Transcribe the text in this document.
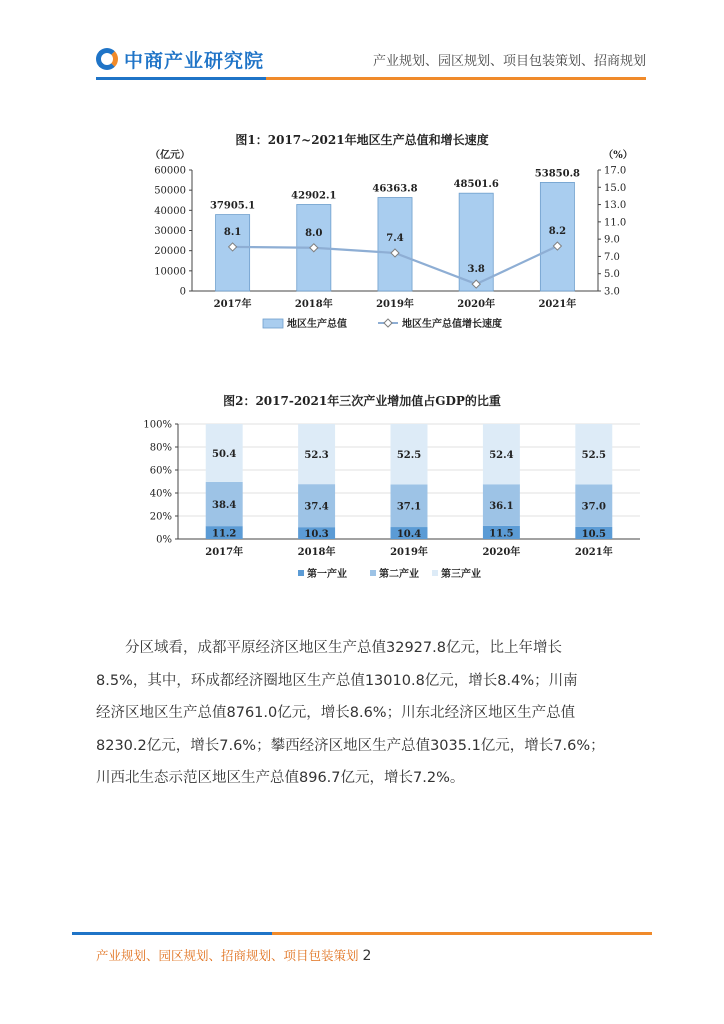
中商产业研究院	产业规划、园区规划、项目包装策划、招商规划
图1：2017~2021年地区生产总值和增长速度
（亿元）	（%）
0
10000
20000
30000
40000
50000
60000
3.0
5.0
7.0
9.0
11.0
13.0
15.0
17.0
37905.1
2017年
42902.1
2018年
46363.8
2019年
48501.6
2020年
53850.8
2021年
8.1	8.0	7.4
3.8
8.2
地区生产总值	地区生产总值增长速度
图2：2017-2021年三次产业增加值占GDP的比重
0%
20%
40%
60%
80%
100%
11.2
38.4
50.4
2017年
10.3
37.4
52.3
2018年
10.4
37.1
52.5
2019年
11.5
36.1
52.4
2020年
10.5
37.0
52.5
2021年
第一产业	第二产业 第三产业
　　分区域看，成都平原经济区地区生产总值32927.8亿元，比上年增长
8.5%，其中，环成都经济圈地区生产总值13010.8亿元，增长8.4%；川南
经济区地区生产总值8761.0亿元，增长8.6%；川东北经济区地区生产总值
8230.2亿元，增长7.6%；攀西经济区地区生产总值3035.1亿元，增长7.6%；
川西北生态示范区地区生产总值896.7亿元，增长7.2%。
产业规划、园区规划、招商规划、项目包装策划 2
